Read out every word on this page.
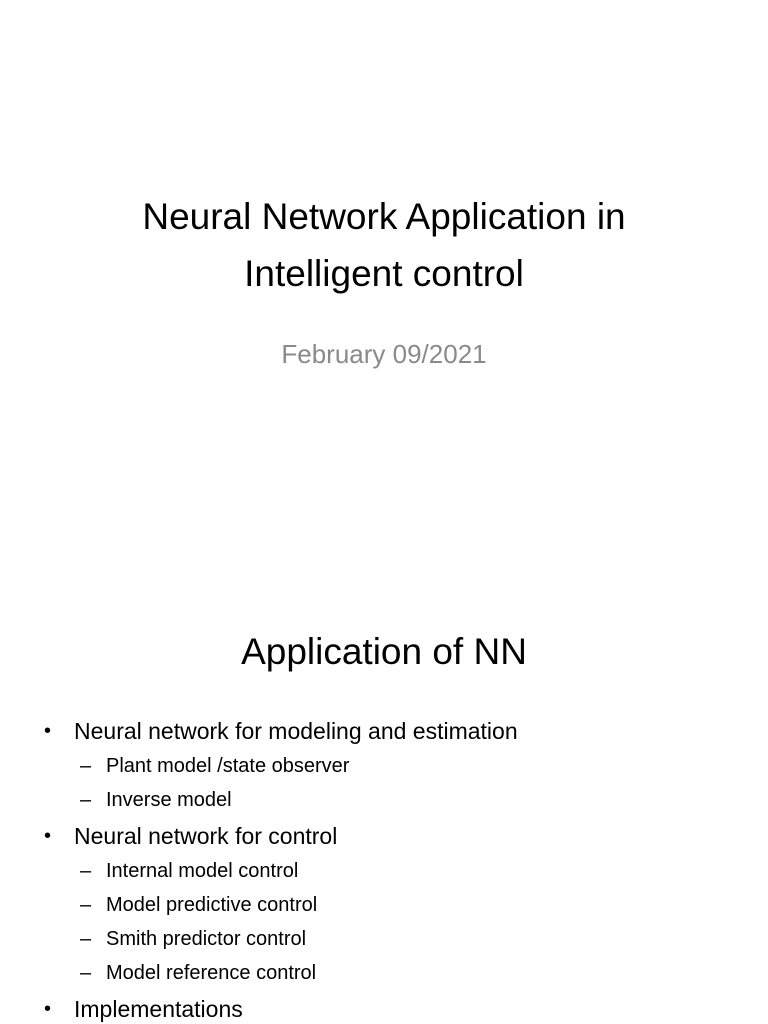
Neural Network Application in
Intelligent control
February 09/2021
Application of NN
• Neural network for modeling and estimation
– Plant model /state observer
– Inverse model
• Neural network for control
– Internal model control
– Model predictive control
– Smith predictor control
– Model reference control
• Implementations
